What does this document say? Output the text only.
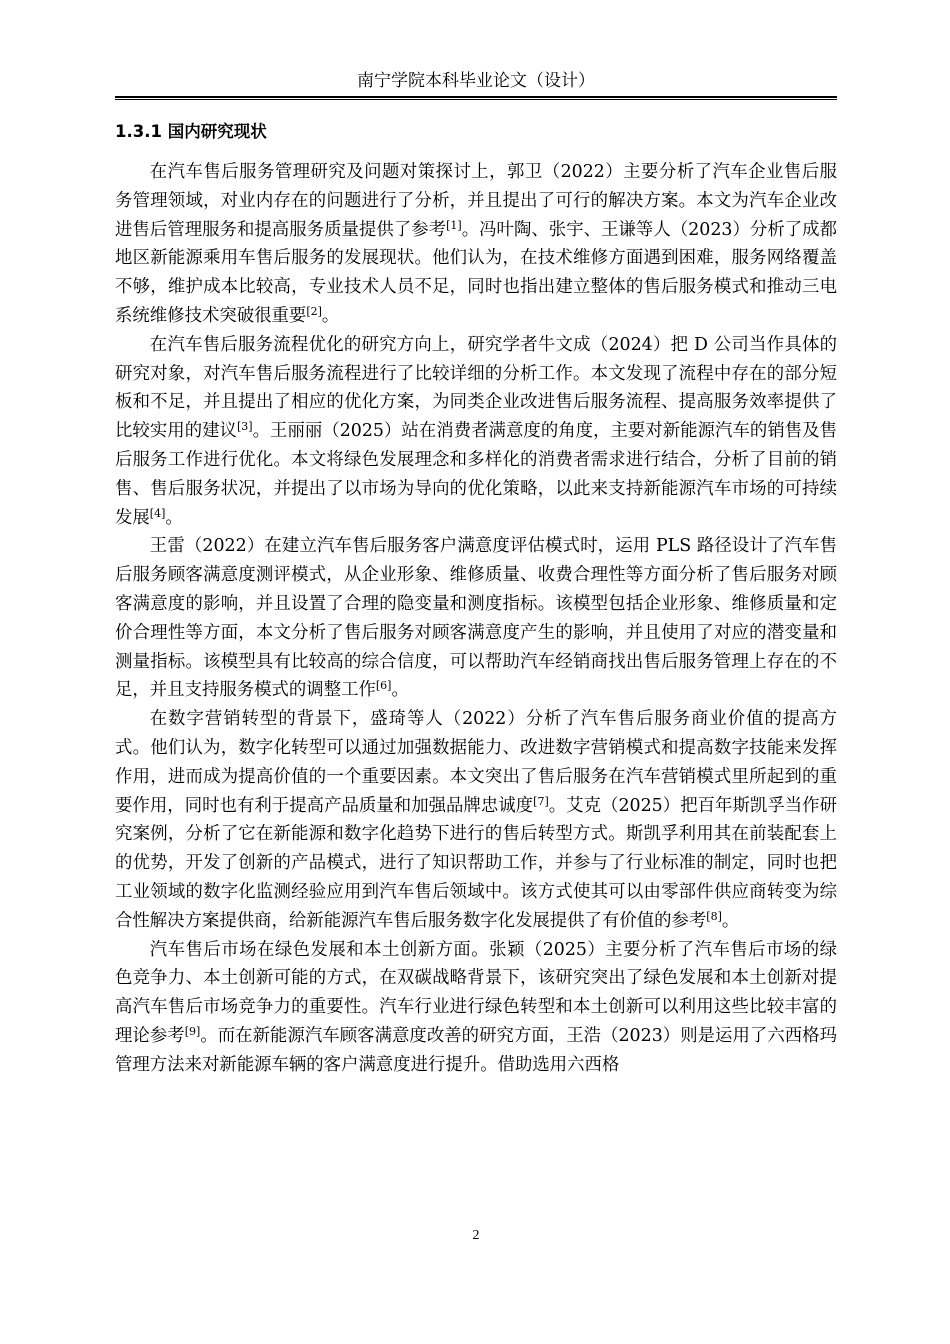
南宁学院本科毕业论文（设计）
1.3.1 国内研究现状

在汽车售后服务管理研究及问题对策探讨上，郭卫（2022）主要分析了汽车企业售后服务管理领域，对业内存在的问题进行了分析，并且提出了可行的解决方案。本文为汽车企业改进售后管理服务和提高服务质量提供了参考[1]。冯叶陶、张宇、王谦等人（2023）分析了成都地区新能源乘用车售后服务的发展现状。他们认为，在技术维修方面遇到困难，服务网络覆盖不够，维护成本比较高，专业技术人员不足，同时也指出建立整体的售后服务模式和推动三电系统维修技术突破很重要[2]。

在汽车售后服务流程优化的研究方向上，研究学者牛文成（2024）把 D 公司当作具体的研究对象，对汽车售后服务流程进行了比较详细的分析工作。本文发现了流程中存在的部分短板和不足，并且提出了相应的优化方案，为同类企业改进售后服务流程、提高服务效率提供了比较实用的建议[3]。王丽丽（2025）站在消费者满意度的角度，主要对新能源汽车的销售及售后服务工作进行优化。本文将绿色发展理念和多样化的消费者需求进行结合，分析了目前的销售、售后服务状况，并提出了以市场为导向的优化策略，以此来支持新能源汽车市场的可持续发展[4]。

王雷（2022）在建立汽车售后服务客户满意度评估模式时，运用 PLS 路径设计了汽车售后服务顾客满意度测评模式，从企业形象、维修质量、收费合理性等方面分析了售后服务对顾客满意度的影响，并且设置了合理的隐变量和测度指标。该模型包括企业形象、维修质量和定价合理性等方面，本文分析了售后服务对顾客满意度产生的影响，并且使用了对应的潜变量和测量指标。该模型具有比较高的综合信度，可以帮助汽车经销商找出售后服务管理上存在的不足，并且支持服务模式的调整工作[6]。

在数字营销转型的背景下，盛琦等人（2022）分析了汽车售后服务商业价值的提高方式。他们认为，数字化转型可以通过加强数据能力、改进数字营销模式和提高数字技能来发挥作用，进而成为提高价值的一个重要因素。本文突出了售后服务在汽车营销模式里所起到的重要作用，同时也有利于提高产品质量和加强品牌忠诚度[7]。艾克（2025）把百年斯凯孚当作研究案例，分析了它在新能源和数字化趋势下进行的售后转型方式。斯凯孚利用其在前装配套上的优势，开发了创新的产品模式，进行了知识帮助工作，并参与了行业标准的制定，同时也把工业领域的数字化监测经验应用到汽车售后领域中。该方式使其可以由零部件供应商转变为综合性解决方案提供商，给新能源汽车售后服务数字化发展提供了有价值的参考[8]。

汽车售后市场在绿色发展和本土创新方面。张颖（2025）主要分析了汽车售后市场的绿色竞争力、本土创新可能的方式，在双碳战略背景下，该研究突出了绿色发展和本土创新对提高汽车售后市场竞争力的重要性。汽车行业进行绿色转型和本土创新可以利用这些比较丰富的理论参考[9]。而在新能源汽车顾客满意度改善的研究方面，王浩（2023）则是运用了六西格玛管理方法来对新能源车辆的客户满意度进行提升。借助选用六西格

2
